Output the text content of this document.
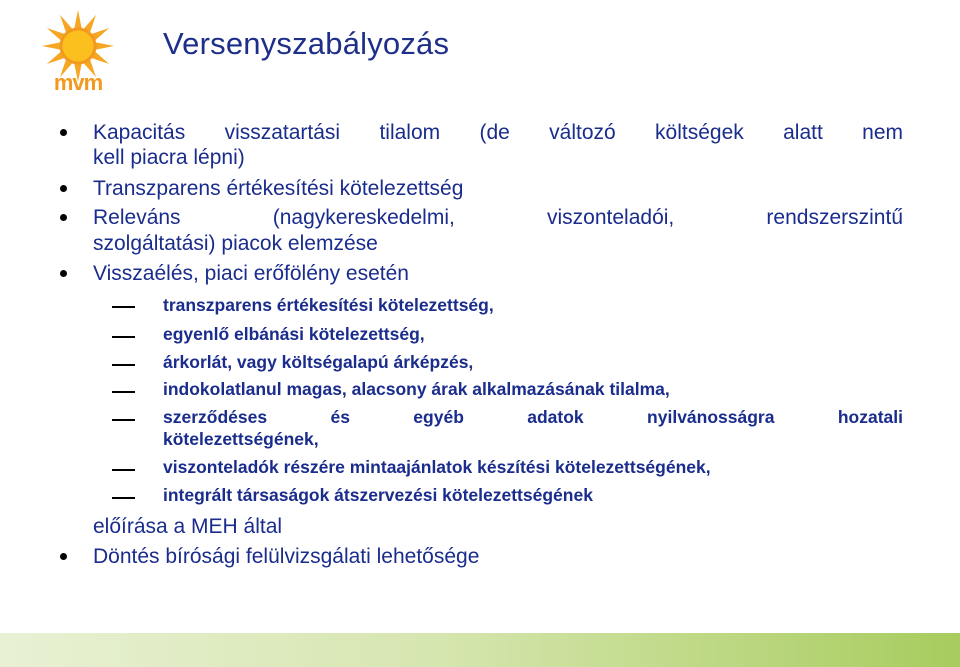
mvm
Versenyszabályozás
Kapacitás visszatartási tilalom (de változó költségek alatt nem
kell piacra lépni)
Transzparens értékesítési kötelezettség
Releváns (nagykereskedelmi, viszonteladói, rendszerszintű
szolgáltatási) piacok elemzése
Visszaélés, piaci erőfölény esetén
transzparens értékesítési kötelezettség,
egyenlő elbánási kötelezettség,
árkorlát, vagy költségalapú árképzés,
indokolatlanul magas, alacsony árak alkalmazásának tilalma,
szerződéses és egyéb adatok nyilvánosságra hozatali
kötelezettségének,
viszonteladók részére mintaajánlatok készítési kötelezettségének,
integrált társaságok átszervezési kötelezettségének
előírása a MEH által
Döntés bírósági felülvizsgálati lehetősége
